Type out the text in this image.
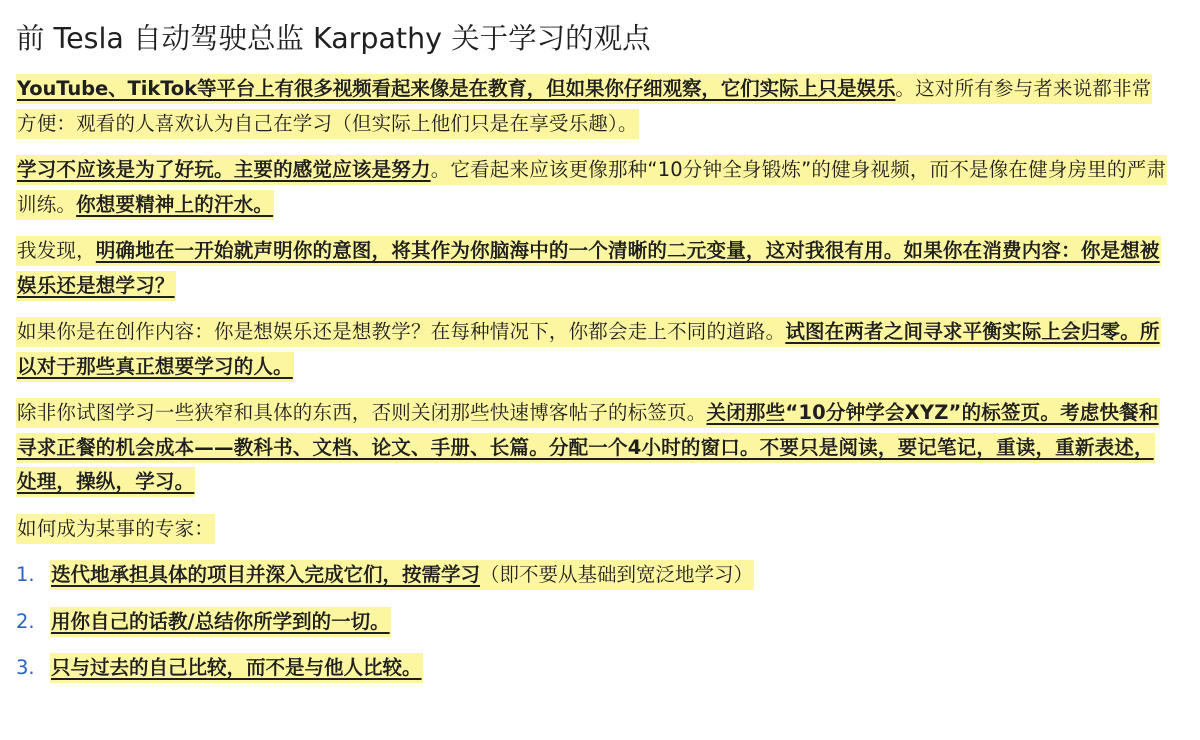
前 Tesla 自动驾驶总监 Karpathy 关于学习的观点

YouTube、TikTok等平台上有很多视频看起来像是在教育，但如果你仔细观察，它们实际上只是娱乐。这对所有参与者来说都非常方便：观看的人喜欢认为自己在学习（但实际上他们只是在享受乐趣）。

学习不应该是为了好玩。主要的感觉应该是努力。它看起来应该更像那种“10分钟全身锻炼”的健身视频，而不是像在健身房里的严肃训练。你想要精神上的汗水。

我发现，明确地在一开始就声明你的意图，将其作为你脑海中的一个清晰的二元变量，这对我很有用。如果你在消费内容：你是想被娱乐还是想学习？

如果你是在创作内容：你是想娱乐还是想教学？在每种情况下，你都会走上不同的道路。试图在两者之间寻求平衡实际上会归零。所以对于那些真正想要学习的人。

除非你试图学习一些狭窄和具体的东西，否则关闭那些快速博客帖子的标签页。关闭那些“10分钟学会XYZ”的标签页。考虑快餐和寻求正餐的机会成本——教科书、文档、论文、手册、长篇。分配一个4小时的窗口。不要只是阅读，要记笔记，重读，重新表述，处理，操纵，学习。

如何成为某事的专家：

1. 迭代地承担具体的项目并深入完成它们，按需学习（即不要从基础到宽泛地学习）
2. 用你自己的话教/总结你所学到的一切。
3. 只与过去的自己比较，而不是与他人比较。
